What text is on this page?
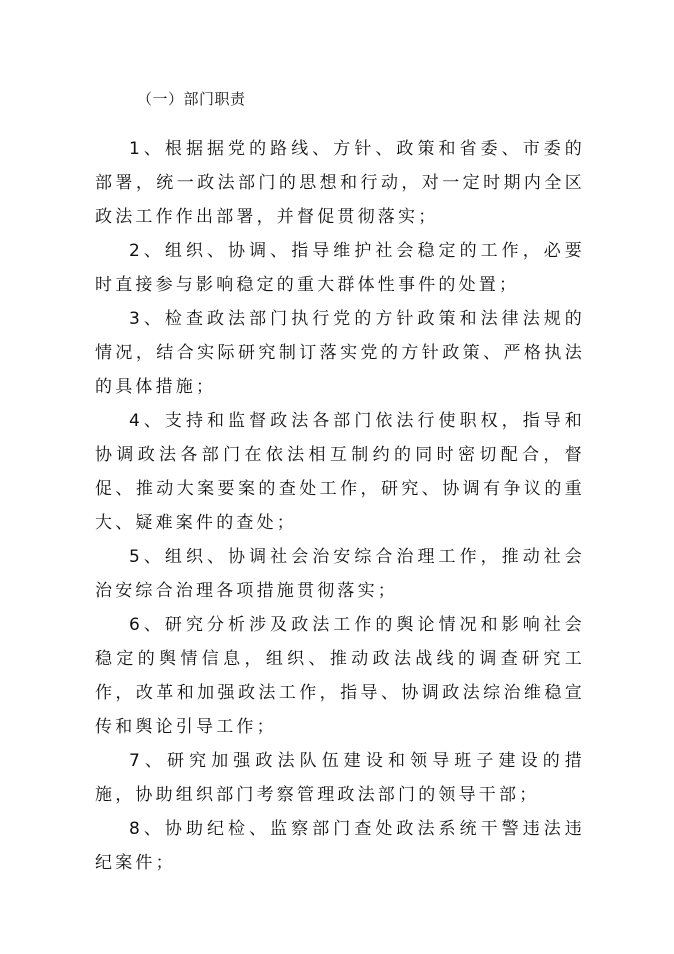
（一）部门职责

1、根据据党的路线、方针、政策和省委、市委的部署，统一政法部门的思想和行动，对一定时期内全区政法工作作出部署，并督促贯彻落实；

2、组织、协调、指导维护社会稳定的工作，必要时直接参与影响稳定的重大群体性事件的处置；

3、检查政法部门执行党的方针政策和法律法规的情况，结合实际研究制订落实党的方针政策、严格执法的具体措施；

4、支持和监督政法各部门依法行使职权，指导和协调政法各部门在依法相互制约的同时密切配合，督促、推动大案要案的查处工作，研究、协调有争议的重大、疑难案件的查处；

5、组织、协调社会治安综合治理工作，推动社会治安综合治理各项措施贯彻落实；

6、研究分析涉及政法工作的舆论情况和影响社会稳定的舆情信息，组织、推动政法战线的调查研究工作，改革和加强政法工作，指导、协调政法综治维稳宣传和舆论引导工作；

7、研究加强政法队伍建设和领导班子建设的措施，协助组织部门考察管理政法部门的领导干部；

8、协助纪检、监察部门查处政法系统干警违法违纪案件；
